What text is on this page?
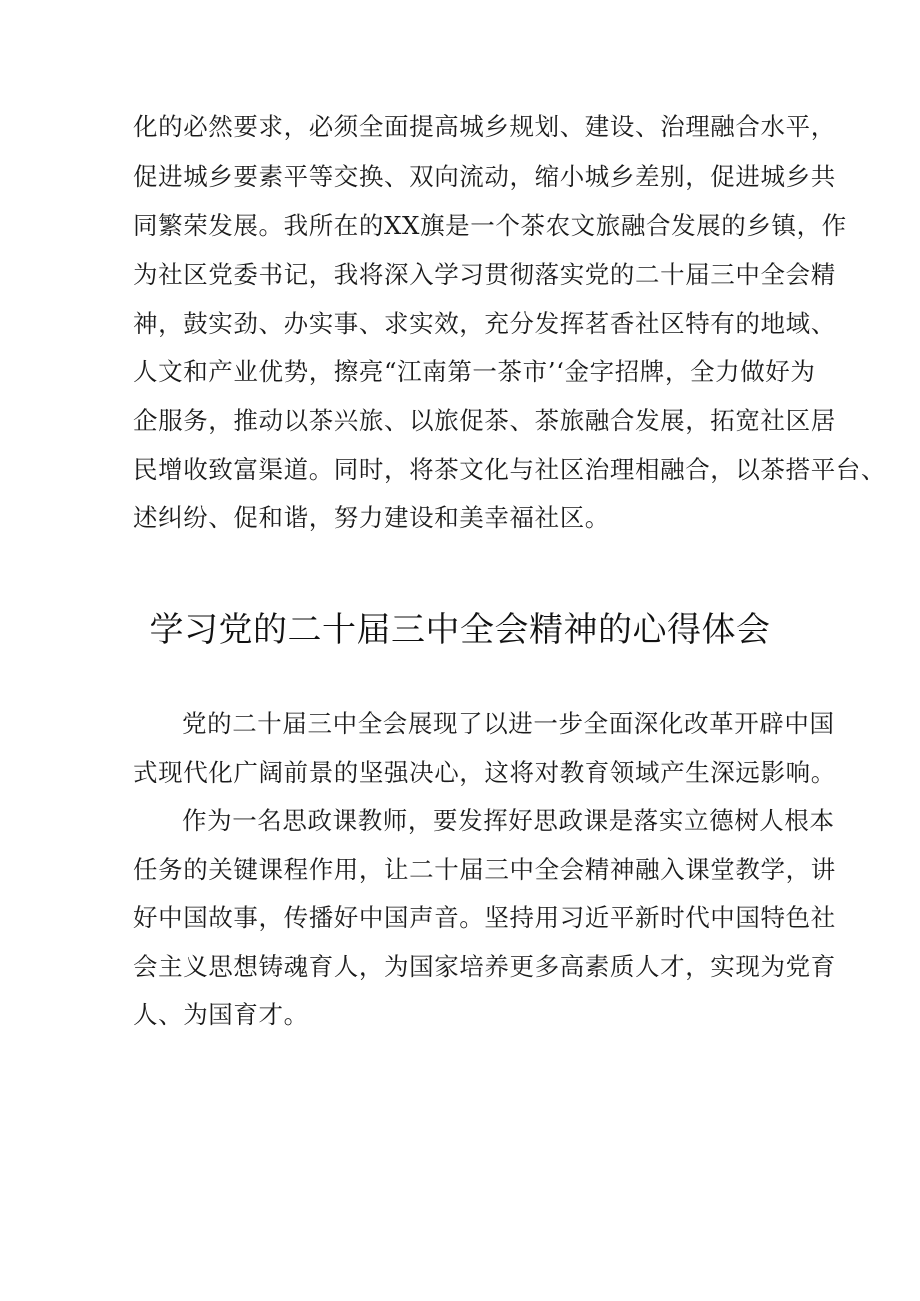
化的必然要求，必须全面提高城乡规划、建设、治理融合水平，
促进城乡要素平等交换、双向流动，缩小城乡差别，促进城乡共
同繁荣发展。我所在的XX旗是一个茶农文旅融合发展的乡镇，作
为社区党委书记，我将深入学习贯彻落实党的二十届三中全会精
神，鼓实劲、办实事、求实效，充分发挥茗香社区特有的地域、
人文和产业优势，擦亮“江南第一茶市’‘金字招牌，全力做好为
企服务，推动以茶兴旅、以旅促茶、茶旅融合发展，拓宽社区居
民增收致富渠道。同时，将茶文化与社区治理相融合，以茶搭平台、
述纠纷、促和谐，努力建设和美幸福社区。
学习党的二十届三中全会精神的心得体会
党的二十届三中全会展现了以进一步全面深化改革开辟中国
式现代化广阔前景的坚强决心，这将对教育领域产生深远影响。
作为一名思政课教师，要发挥好思政课是落实立德树人根本
任务的关键课程作用，让二十届三中全会精神融入课堂教学，讲
好中国故事，传播好中国声音。坚持用习近平新时代中国特色社
会主义思想铸魂育人，为国家培养更多高素质人才，实现为党育
人、为国育才。
